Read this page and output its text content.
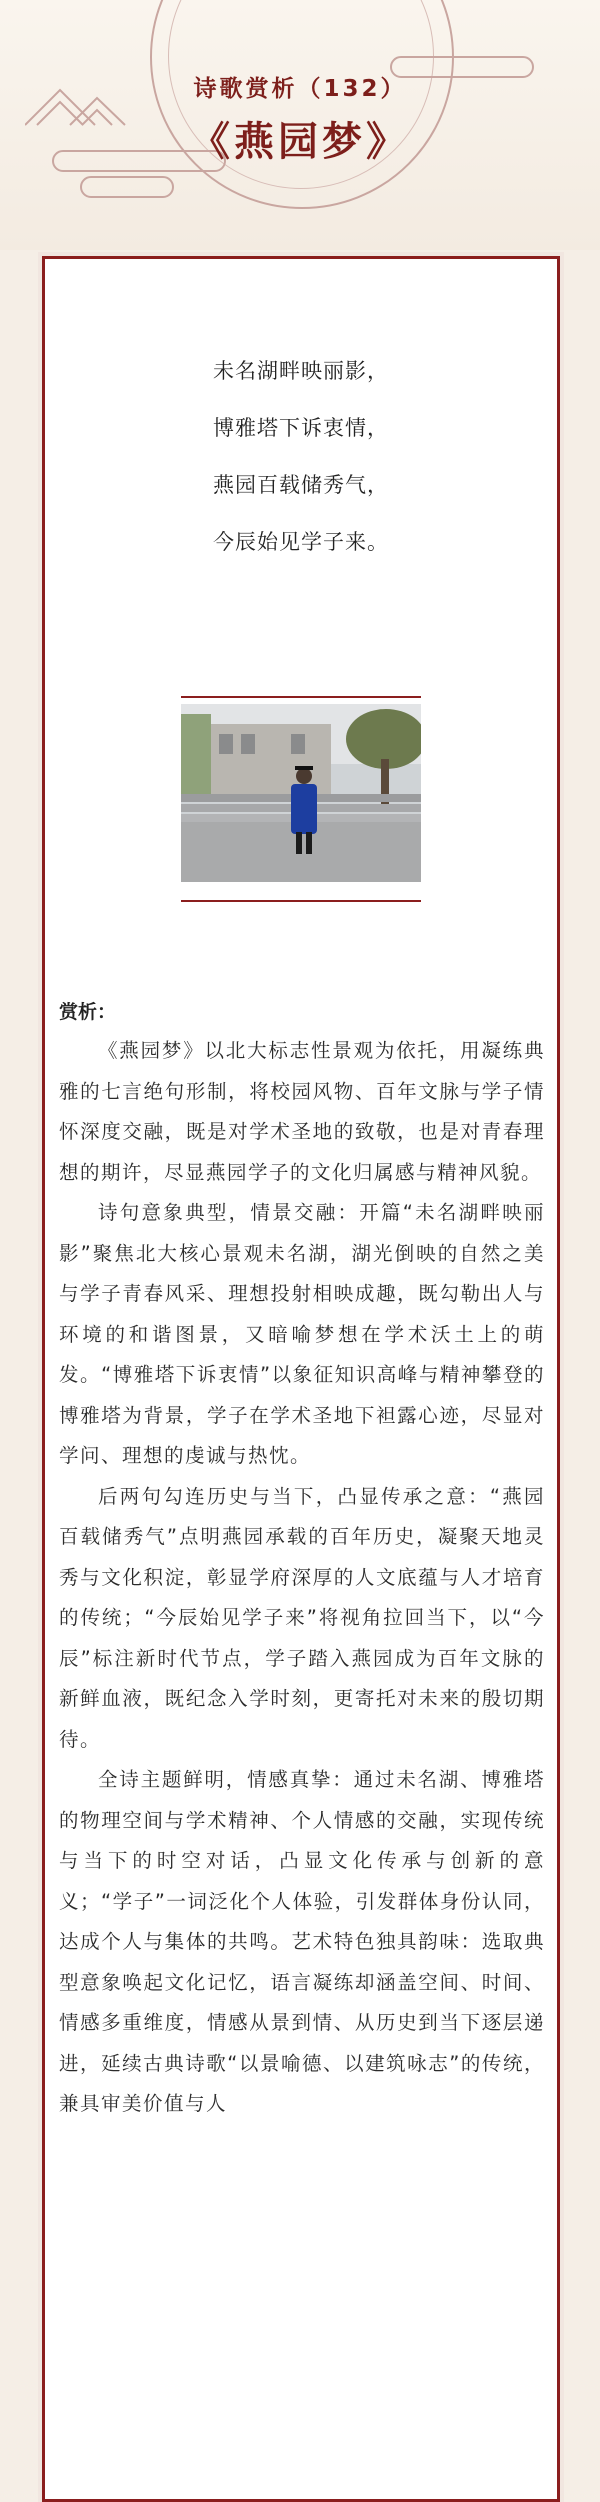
诗歌赏析（132）
《燕园梦》
未名湖畔映丽影，
博雅塔下诉衷情，
燕园百载储秀气，
今辰始见学子来。
赏析：

《燕园梦》以北大标志性景观为依托，用凝练典雅的七言绝句形制，将校园风物、百年文脉与学子情怀深度交融，既是对学术圣地的致敬，也是对青春理想的期许，尽显燕园学子的文化归属感与精神风貌。

诗句意象典型，情景交融：开篇“未名湖畔映丽影”聚焦北大核心景观未名湖，湖光倒映的自然之美与学子青春风采、理想投射相映成趣，既勾勒出人与环境的和谐图景，又暗喻梦想在学术沃土上的萌发。“博雅塔下诉衷情”以象征知识高峰与精神攀登的博雅塔为背景，学子在学术圣地下袒露心迹，尽显对学问、理想的虔诚与热忱。

后两句勾连历史与当下，凸显传承之意：“燕园百载储秀气”点明燕园承载的百年历史，凝聚天地灵秀与文化积淀，彰显学府深厚的人文底蕴与人才培育的传统；“今辰始见学子来”将视角拉回当下，以“今辰”标注新时代节点，学子踏入燕园成为百年文脉的新鲜血液，既纪念入学时刻，更寄托对未来的殷切期待。

全诗主题鲜明，情感真挚：通过未名湖、博雅塔的物理空间与学术精神、个人情感的交融，实现传统与当下的时空对话，凸显文化传承与创新的意义；“学子”一词泛化个人体验，引发群体身份认同，达成个人与集体的共鸣。艺术特色独具韵味：选取典型意象唤起文化记忆，语言凝练却涵盖空间、时间、情感多重维度，情感从景到情、从历史到当下逐层递进，延续古典诗歌“以景喻德、以建筑咏志”的传统，兼具审美价值与人
